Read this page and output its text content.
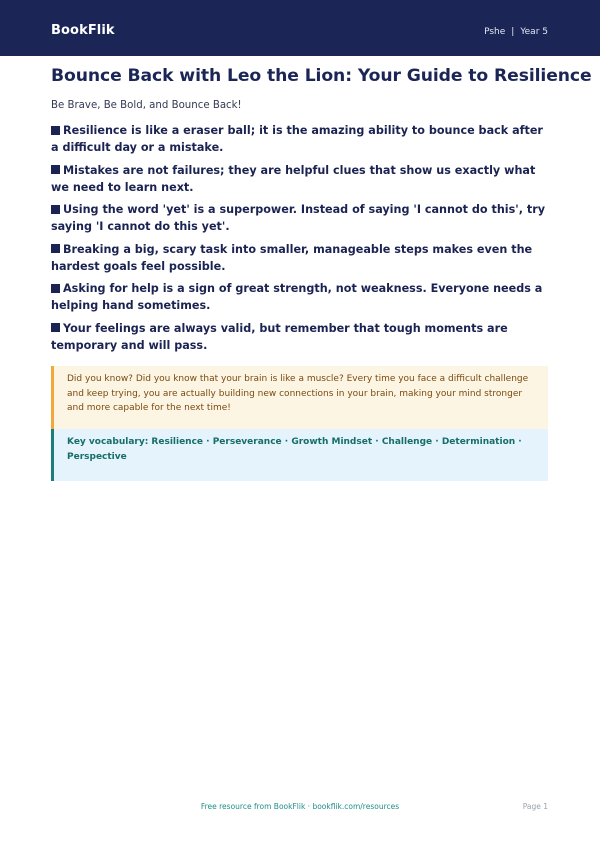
BookFlik	Pshe | Year 5
Bounce Back with Leo the Lion: Your Guide to Resilience
Be Brave, Be Bold, and Bounce Back!
Resilience is like a eraser ball; it is the amazing ability to bounce back after a difficult day or a mistake.
Mistakes are not failures; they are helpful clues that show us exactly what we need to learn next.
Using the word 'yet' is a superpower. Instead of saying 'I cannot do this', try saying 'I cannot do this yet'.
Breaking a big, scary task into smaller, manageable steps makes even the hardest goals feel possible.
Asking for help is a sign of great strength, not weakness. Everyone needs a helping hand sometimes.
Your feelings are always valid, but remember that tough moments are temporary and will pass.

Did you know? Did you know that your brain is like a muscle? Every time you face a difficult challenge and keep trying, you are actually building new connections in your brain, making your mind stronger and more capable for the next time!

Key vocabulary: Resilience · Perseverance · Growth Mindset · Challenge · Determination · Perspective

Free resource from BookFlik · bookflik.com/resources	Page 1
